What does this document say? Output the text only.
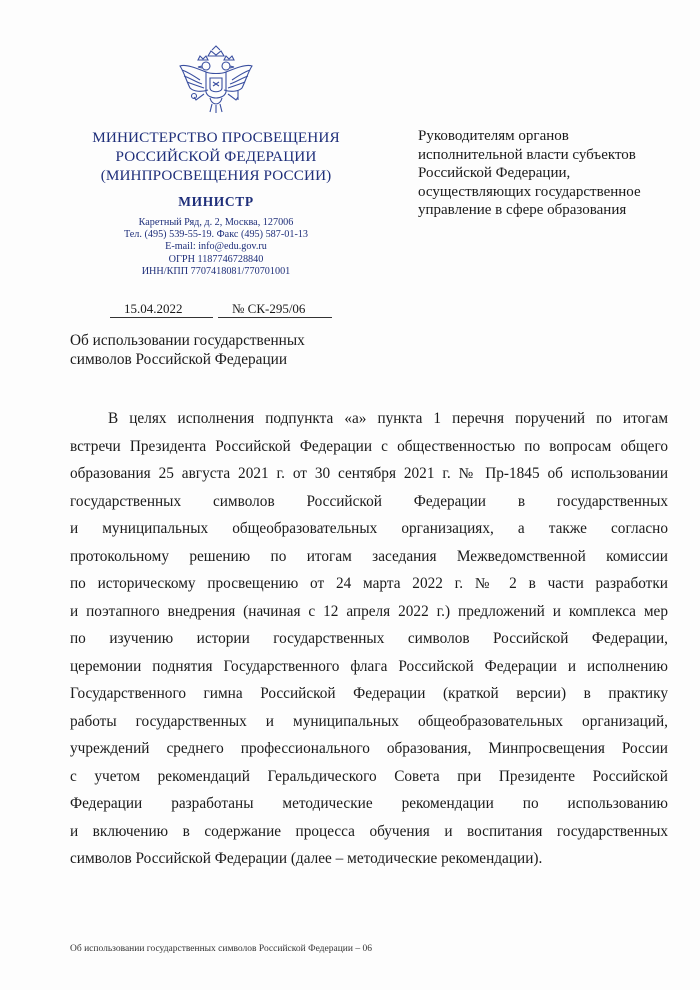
МИНИСТЕРСТВО ПРОСВЕЩЕНИЯ
РОССИЙСКОЙ ФЕДЕРАЦИИ
(МИНПРОСВЕЩЕНИЯ РОССИИ)
МИНИСТР
Каретный Ряд, д. 2, Москва, 127006
Тел. (495) 539-55-19. Факс (495) 587-01-13
E-mail: info@edu.gov.ru
ОГРН 1187746728840
ИНН/КПП 7707418081/770701001
15.04.2022	№ СК-295/06
Руководителям органов
исполнительной власти субъектов
Российской Федерации,
осуществляющих государственное
управление в сфере образования
Об использовании государственных
символов Российской Федерации
В целях исполнения подпункта «а» пункта 1 перечня поручений по итогам
встречи Президента Российской Федерации с общественностью по вопросам общего
образования 25 августа 2021 г. от 30 сентября 2021 г. № Пр-1845 об использовании
государственных символов Российской Федерации в государственных
и муниципальных общеобразовательных организациях, а также согласно
протокольному решению по итогам заседания Межведомственной комиссии
по историческому просвещению от 24 марта 2022 г. № 2 в части разработки
и поэтапного внедрения (начиная с 12 апреля 2022 г.) предложений и комплекса мер
по изучению истории государственных символов Российской Федерации,
церемонии поднятия Государственного флага Российской Федерации и исполнению
Государственного гимна Российской Федерации (краткой версии) в практику
работы государственных и муниципальных общеобразовательных организаций,
учреждений среднего профессионального образования, Минпросвещения России
с учетом рекомендаций Геральдического Совета при Президенте Российской
Федерации разработаны методические рекомендации по использованию
и включению в содержание процесса обучения и воспитания государственных
символов Российской Федерации (далее – методические рекомендации).
Об использовании государственных символов Российской Федерации – 06
